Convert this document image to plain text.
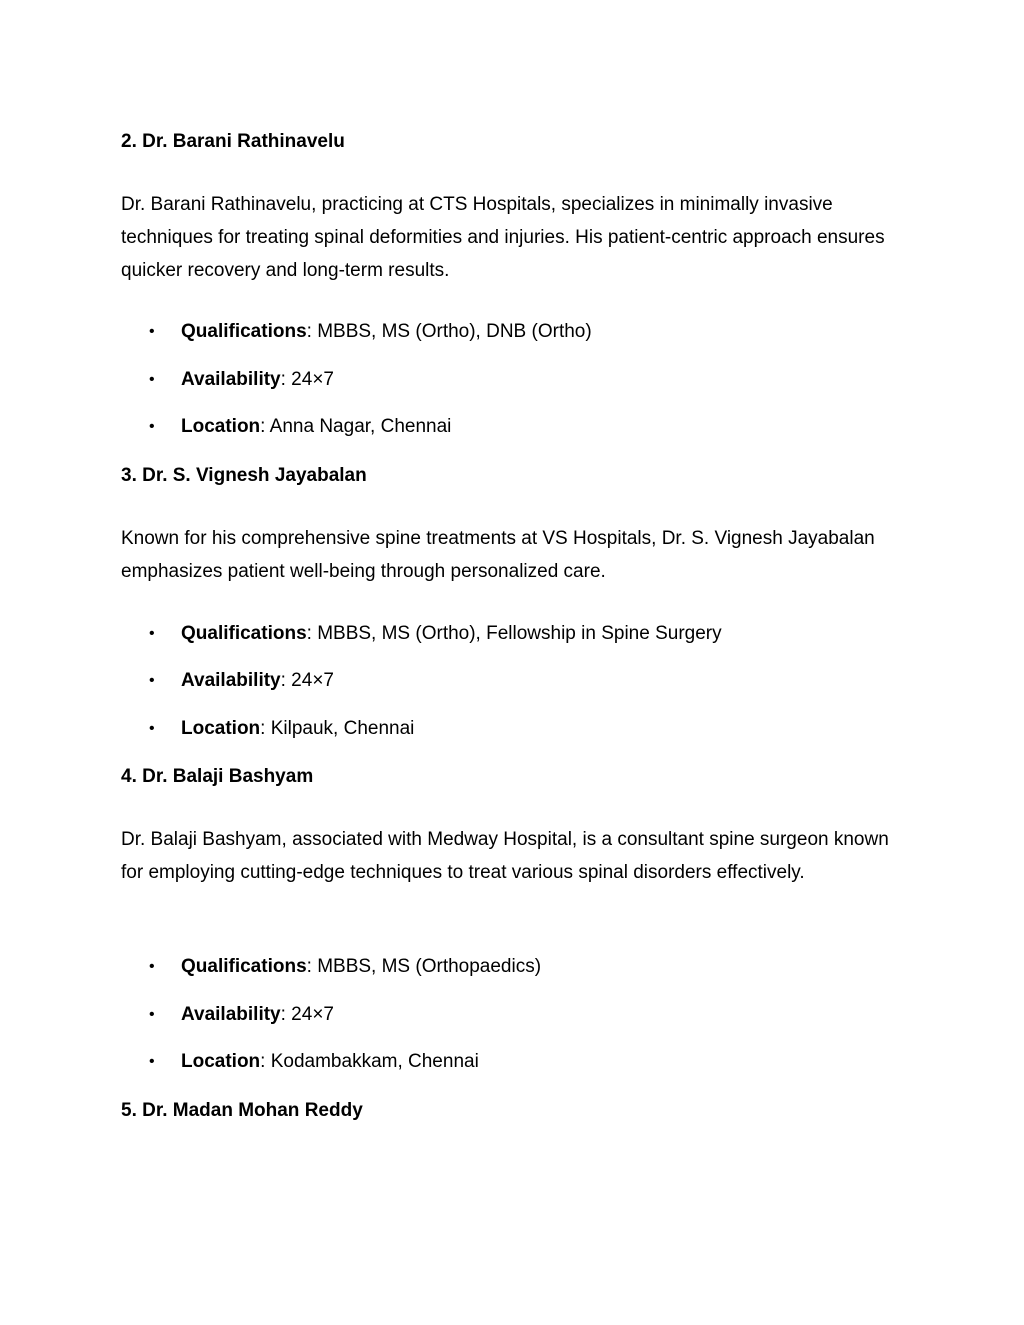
2. Dr. Barani Rathinavelu

Dr. Barani Rathinavelu, practicing at CTS Hospitals, specializes in minimally invasive techniques for treating spinal deformities and injuries. His patient-centric approach ensures quicker recovery and long-term results.

• Qualifications: MBBS, MS (Ortho), DNB (Ortho)
• Availability: 24×7
• Location: Anna Nagar, Chennai
3. Dr. S. Vignesh Jayabalan

Known for his comprehensive spine treatments at VS Hospitals, Dr. S. Vignesh Jayabalan emphasizes patient well-being through personalized care.

• Qualifications: MBBS, MS (Ortho), Fellowship in Spine Surgery
• Availability: 24×7
• Location: Kilpauk, Chennai
4. Dr. Balaji Bashyam

Dr. Balaji Bashyam, associated with Medway Hospital, is a consultant spine surgeon known for employing cutting-edge techniques to treat various spinal disorders effectively.

• Qualifications: MBBS, MS (Orthopaedics)
• Availability: 24×7
• Location: Kodambakkam, Chennai
5. Dr. Madan Mohan Reddy
